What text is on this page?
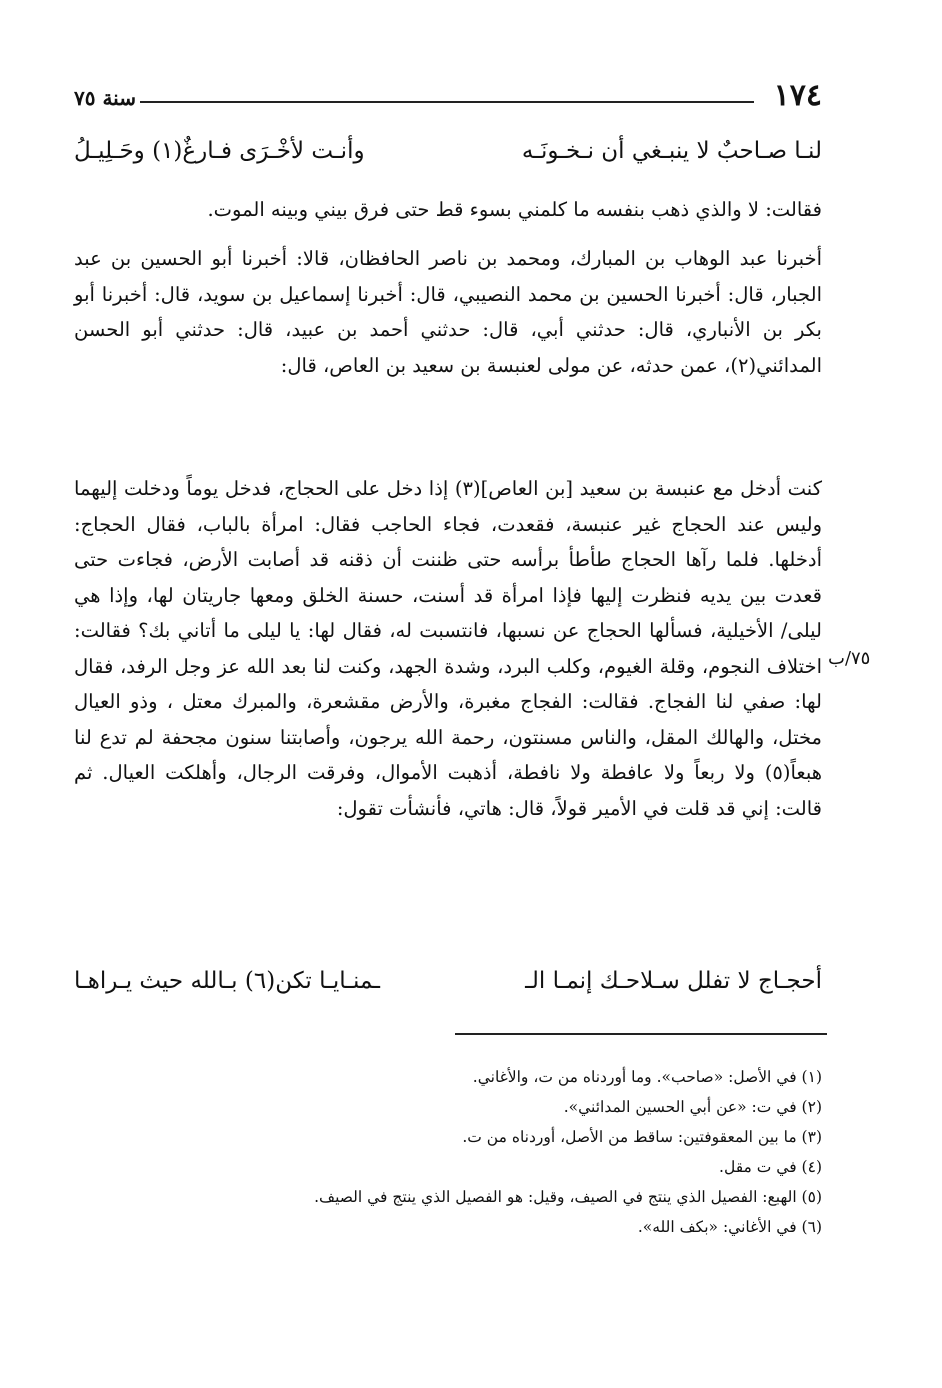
١٧٤
سنة ٧٥
لنـا صـاحبٌ لا ينبـغي أن نـخـونَـه
وأنـت لأخْـرَى فـارغٌ(١) وحَـلِيـلُ

فقالت: لا والذي ذهب بنفسه ما كلمني بسوء قط حتى فرق بيني وبينه الموت.

أخبرنا عبد الوهاب بن المبارك، ومحمد بن ناصر الحافظان، قالا: أخبرنا أبو الحسين بن عبد الجبار، قال: أخبرنا الحسين بن محمد النصيبي، قال: أخبرنا إسماعيل بن سويد، قال: أخبرنا أبو بكر بن الأنباري، قال: حدثني أبي، قال: حدثني أحمد بن عبيد، قال: حدثني أبو الحسن المدائني(٢)، عمن حدثه، عن مولى لعنبسة بن سعيد بن العاص، قال:

كنت أدخل مع عنبسة بن سعيد [بن العاص](٣) إذا دخل على الحجاج، فدخل يوماً ودخلت إليهما وليس عند الحجاج غير عنبسة، فقعدت، فجاء الحاجب فقال: امرأة بالباب، فقال الحجاج: أدخلها. فلما رآها الحجاج طأطأ برأسه حتى ظننت أن ذقنه قد أصابت الأرض، فجاءت حتى قعدت بين يديه فنظرت إليها فإذا امرأة قد أسنت، حسنة الخلق ومعها جاريتان لها، وإذا هي ليلى/ الأخيلية، فسألها الحجاج عن نسبها، فانتسبت له، فقال لها: يا ليلى ما أتاني بك؟ فقالت: اختلاف النجوم، وقلة الغيوم، وكلب البرد، وشدة الجهد، وكنت لنا بعد الله عز وجل الرفد، فقال لها: صفي لنا الفجاج. فقالت: الفجاج مغبرة، والأرض مقشعرة، والمبرك معتل ، وذو العيال مختل، والهالك المقل، والناس مسنتون، رحمة الله يرجون، وأصابتنا سنون مجحفة لم تدع لنا هبعاً(٥) ولا ربعاً ولا عافطة ولا نافطة، أذهبت الأموال، وفرقت الرجال، وأهلكت العيال. ثم قالت: إني قد قلت في الأمير قولاً، قال: هاتي، فأنشأت تقول:

٧٥/ب
أحجـاج لا تفلل سـلاحـك إنمـا الـ
ـمنـايـا تكن(٦) بـالله حيث يـراهـا
(١) في الأصل: «صاحب». وما أوردناه من ت، والأغاني.
(٢) في ت: «عن أبي الحسين المدائني».
(٣) ما بين المعقوفتين: ساقط من الأصل، أوردناه من ت.
(٤) في ت مقل.
(٥) الهبع: الفصيل الذي ينتج في الصيف، وقيل: هو الفصيل الذي ينتج في الصيف.
(٦) في الأغاني: «بكف الله».
